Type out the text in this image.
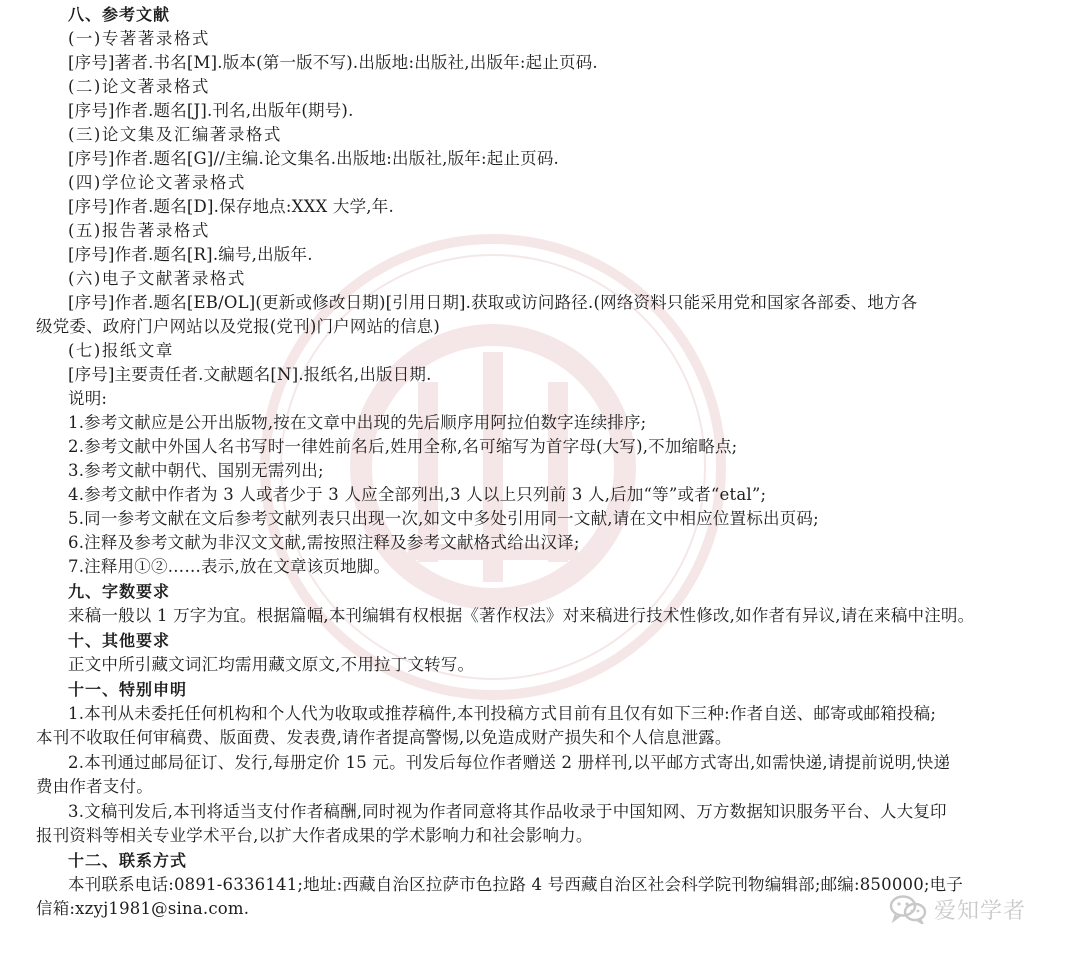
八、参考文献
(一)专著著录格式
[序号]著者.书名[M].版本(第一版不写).出版地:出版社,出版年:起止页码.
(二)论文著录格式
[序号]作者.题名[J].刊名,出版年(期号).
(三)论文集及汇编著录格式
[序号]作者.题名[G]//主编.论文集名.出版地:出版社,版年:起止页码.
(四)学位论文著录格式
[序号]作者.题名[D].保存地点:XXX 大学,年.
(五)报告著录格式
[序号]作者.题名[R].编号,出版年.
(六)电子文献著录格式
[序号]作者.题名[EB/OL](更新或修改日期)[引用日期].获取或访问路径.(网络资料只能采用党和国家各部委、地方各
级党委、政府门户网站以及党报(党刊)门户网站的信息)
(七)报纸文章
[序号]主要责任者.文献题名[N].报纸名,出版日期.
说明:
1.参考文献应是公开出版物,按在文章中出现的先后顺序用阿拉伯数字连续排序;
2.参考文献中外国人名书写时一律姓前名后,姓用全称,名可缩写为首字母(大写),不加缩略点;
3.参考文献中朝代、国别无需列出;
4.参考文献中作者为 3 人或者少于 3 人应全部列出,3 人以上只列前 3 人,后加“等”或者“etal”;
5.同一参考文献在文后参考文献列表只出现一次,如文中多处引用同一文献,请在文中相应位置标出页码;
6.注释及参考文献为非汉文文献,需按照注释及参考文献格式给出汉译;
7.注释用①②……表示,放在文章该页地脚。
九、字数要求
来稿一般以 1 万字为宜。根据篇幅,本刊编辑有权根据《著作权法》对来稿进行技术性修改,如作者有异议,请在来稿中注明。
十、其他要求
正文中所引藏文词汇均需用藏文原文,不用拉丁文转写。
十一、特别申明
1.本刊从未委托任何机构和个人代为收取或推荐稿件,本刊投稿方式目前有且仅有如下三种:作者自送、邮寄或邮箱投稿;
本刊不收取任何审稿费、版面费、发表费,请作者提高警惕,以免造成财产损失和个人信息泄露。
2.本刊通过邮局征订、发行,每册定价 15 元。刊发后每位作者赠送 2 册样刊,以平邮方式寄出,如需快递,请提前说明,快递
费由作者支付。
3.文稿刊发后,本刊将适当支付作者稿酬,同时视为作者同意将其作品收录于中国知网、万方数据知识服务平台、人大复印
报刊资料等相关专业学术平台,以扩大作者成果的学术影响力和社会影响力。
十二、联系方式
本刊联系电话:0891-6336141;地址:西藏自治区拉萨市色拉路 4 号西藏自治区社会科学院刊物编辑部;邮编:850000;电子
信箱:xzyj1981@sina.com.	爱知学者
